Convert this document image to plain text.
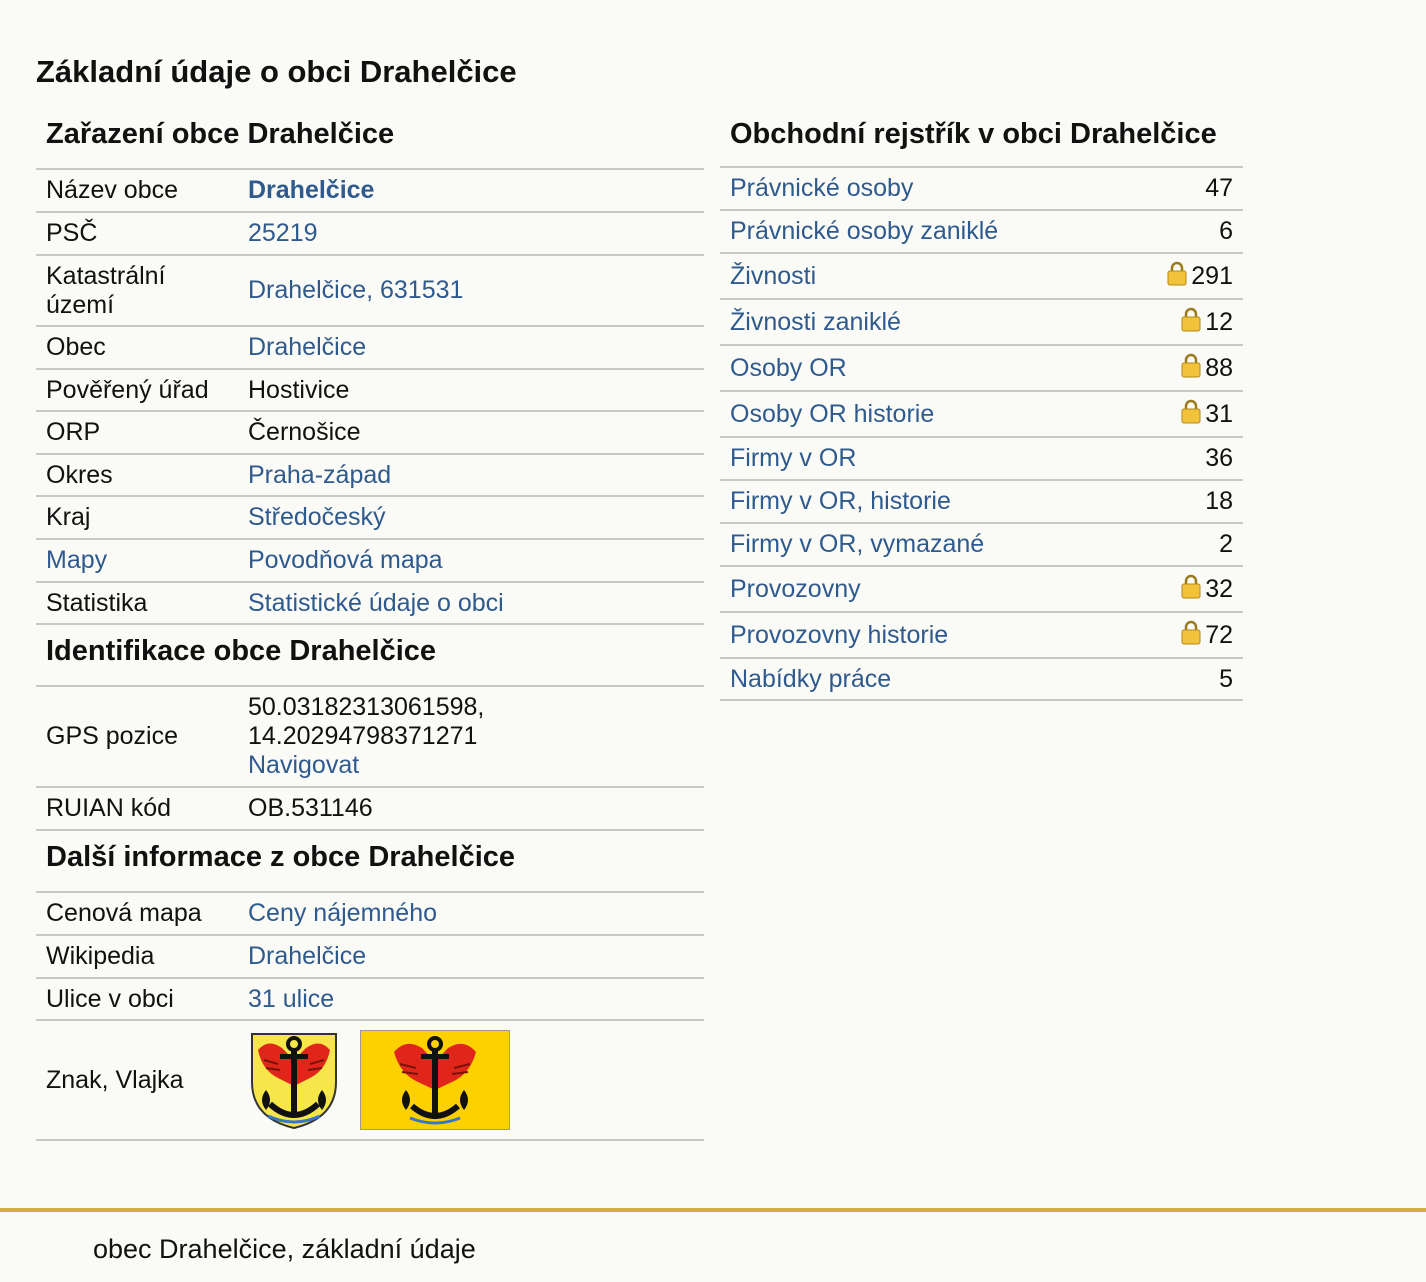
Základní údaje o obci Drahelčice
Zařazení obce Drahelčice
Název obce	Drahelčice
PSČ	25219
Katastrální území	Drahelčice, 631531
Obec	Drahelčice
Pověřený úřad	Hostivice
ORP	Černošice
Okres	Praha-západ
Kraj	Středočeský
Mapy	Povodňová mapa
Statistika	Statistické údaje o obci
Identifikace obce Drahelčice
GPS pozice	50.03182313061598,
14.20294798371271
Navigovat
RUIAN kód	OB.531146
Další informace z obce Drahelčice
Cenová mapa	Ceny nájemného
Wikipedia	Drahelčice
Ulice v obci	31 ulice
Znak, Vlajka	
Obchodní rejstřík v obci Drahelčice
Právnické osoby	47
Právnické osoby zaniklé	6
Živnosti	291
Živnosti zaniklé	12
Osoby OR	88
Osoby OR historie	31
Firmy v OR	36
Firmy v OR, historie	18
Firmy v OR, vymazané	2
Provozovny	32
Provozovny historie	72
Nabídky práce	5
obec Drahelčice, základní údaje
